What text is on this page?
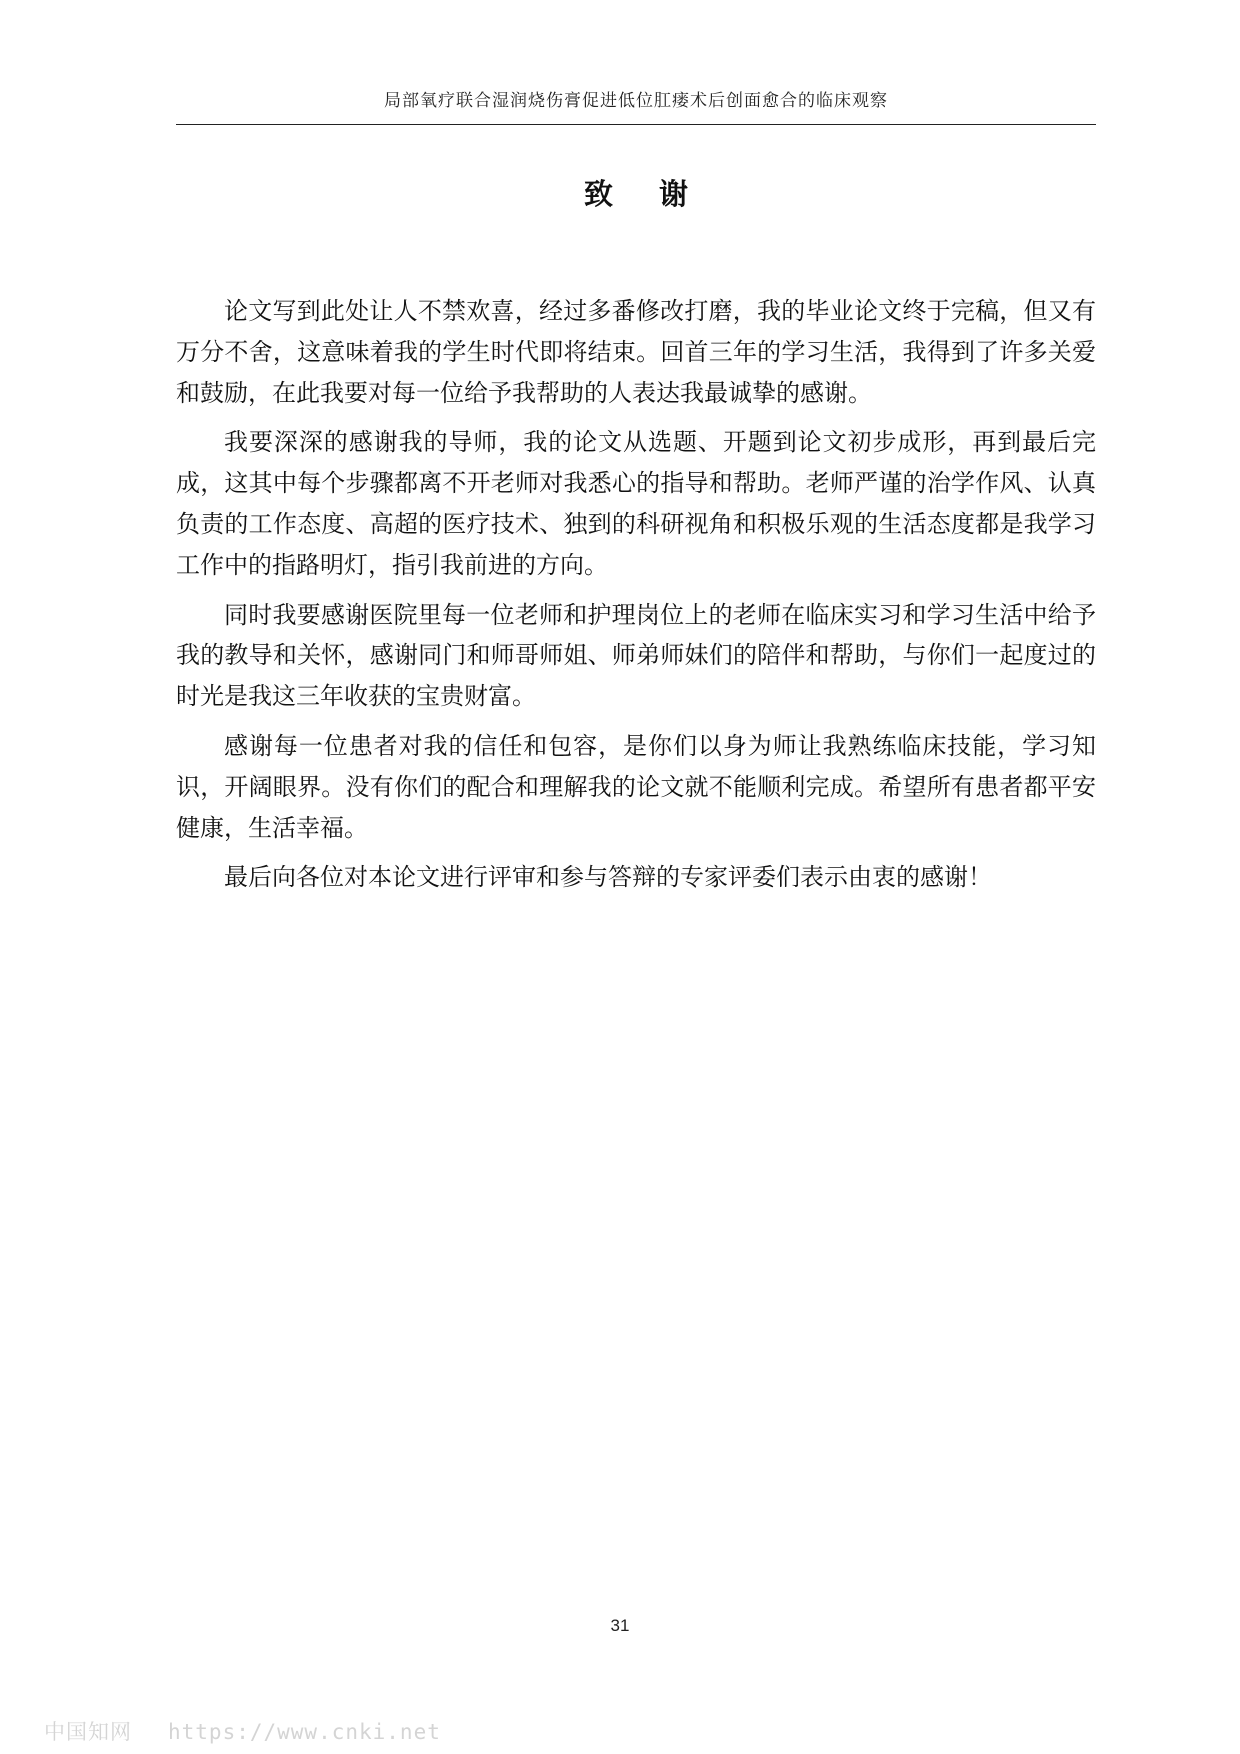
局部氧疗联合湿润烧伤膏促进低位肛瘘术后创面愈合的临床观察
致谢

论文写到此处让人不禁欢喜，经过多番修改打磨，我的毕业论文终于完稿，但又有万分不舍，这意味着我的学生时代即将结束。回首三年的学习生活，我得到了许多关爱和鼓励，在此我要对每一位给予我帮助的人表达我最诚挚的感谢。

我要深深的感谢我的导师，我的论文从选题、开题到论文初步成形，再到最后完成，这其中每个步骤都离不开老师对我悉心的指导和帮助。老师严谨的治学作风、认真负责的工作态度、高超的医疗技术、独到的科研视角和积极乐观的生活态度都是我学习工作中的指路明灯，指引我前进的方向。

同时我要感谢医院里每一位老师和护理岗位上的老师在临床实习和学习生活中给予我的教导和关怀，感谢同门和师哥师姐、师弟师妹们的陪伴和帮助，与你们一起度过的时光是我这三年收获的宝贵财富。

感谢每一位患者对我的信任和包容，是你们以身为师让我熟练临床技能，学习知识，开阔眼界。没有你们的配合和理解我的论文就不能顺利完成。希望所有患者都平安健康，生活幸福。

最后向各位对本论文进行评审和参与答辩的专家评委们表示由衷的感谢！

31
中国知网 https://www.cnki.net
